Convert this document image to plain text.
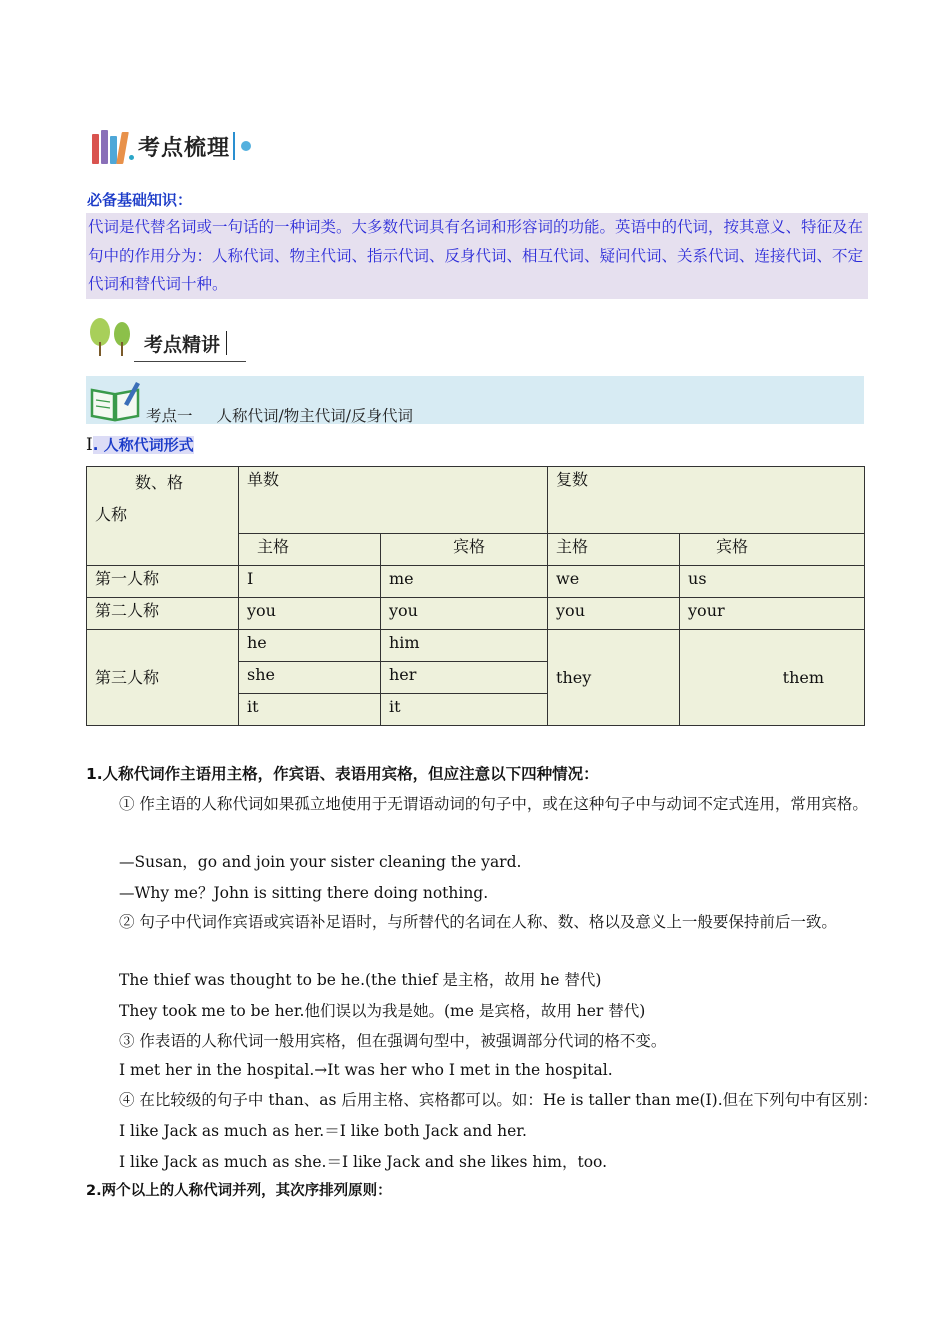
考点梳理
必备基础知识：
代词是代替名词或一句话的一种词类。大多数代词具有名词和形容词的功能。英语中的代词，按其意义、特征及在句中的作用分为：人称代词、物主代词、指示代词、反身代词、相互代词、疑问代词、关系代词、连接代词、不定代词和替代词十种。
考点精讲
考点一 人称代词/物主代词/反身代词
I. 人称代词形式
数、格
人称	单数		复数	
	主格	宾格	主格	宾格
第一人称	I	me	we	us
第二人称	you	you	you	your
第三人称	he	him	they	them
	she	her		
	it	it		
1.人称代词作主语用主格，作宾语、表语用宾格，但应注意以下四种情况：
① 作主语的人称代词如果孤立地使用于无谓语动词的句子中，或在这种句子中与动词不定式连用，常用宾格。
—Susan，go and join your sister cleaning the yard.
—Why me？John is sitting there doing nothing.
② 句子中代词作宾语或宾语补足语时，与所替代的名词在人称、数、格以及意义上一般要保持前后一致。
The thief was thought to be he.(the thief 是主格，故用 he 替代)
They took me to be her.他们误以为我是她。(me 是宾格，故用 her 替代)
③ 作表语的人称代词一般用宾格，但在强调句型中，被强调部分代词的格不变。
I met her in the hospital.→It was her who I met in the hospital.
④ 在比较级的句子中 than、as 后用主格、宾格都可以。如：He is taller than me(I).但在下列句中有区别：
I like Jack as much as her.＝I like both Jack and her.
I like Jack as much as she.＝I like Jack and she likes him，too.
2.两个以上的人称代词并列，其次序排列原则：
